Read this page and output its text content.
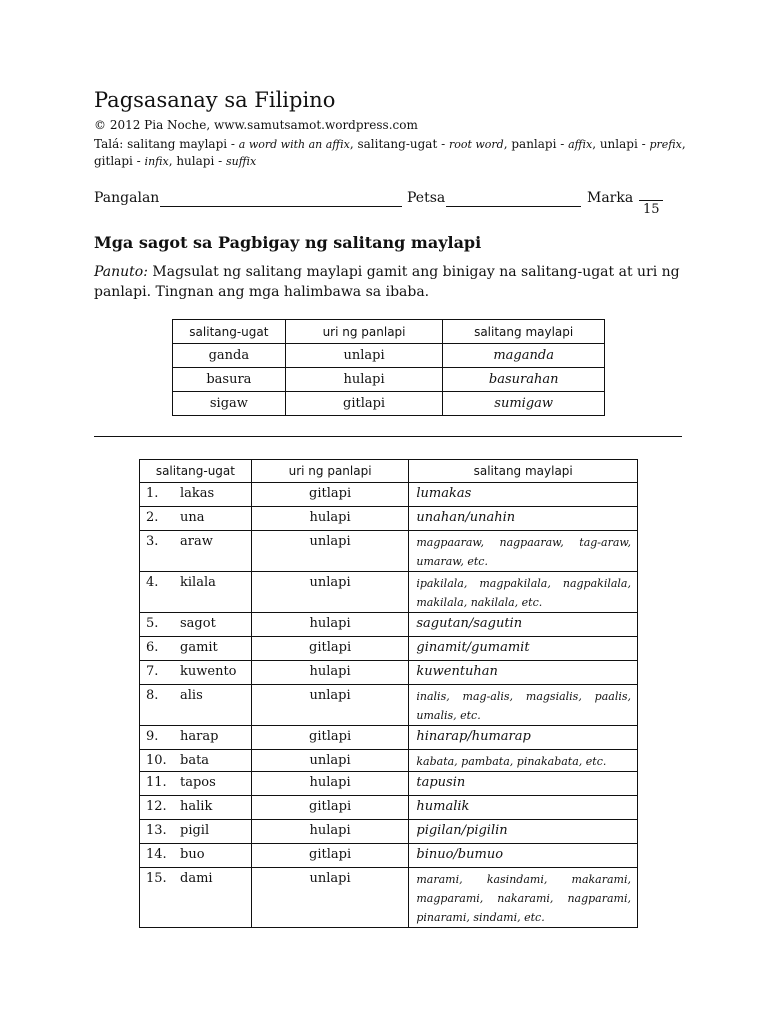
Pagsasanay sa Filipino
© 2012 Pia Noche, www.samutsamot.wordpress.com
Talá: salitang maylapi - a word with an affix, salitang-ugat - root word, panlapi - affix, unlapi - prefix, gitlapi - infix, hulapi - suffix
Pangalan	Petsa	Marka
15
Mga sagot sa Pagbigay ng salitang maylapi
Panuto: Magsulat ng salitang maylapi gamit ang binigay na salitang-ugat at uri ng panlapi. Tingnan ang mga halimbawa sa ibaba.
salitang-ugat	uri ng panlapi	salitang maylapi
ganda	unlapi	maganda
basura	hulapi	basurahan
sigaw	gitlapi	sumigaw
salitang-ugat	uri ng panlapi	salitang maylapi
1. lakas	gitlapi	lumakas
2. una	hulapi	unahan/unahin
3. araw	unlapi	magpaaraw, nagpaaraw, tag-araw, umaraw, etc.
4. kilala	unlapi	ipakilala, magpakilala, nagpakilala, makilala, nakilala, etc.
5. sagot	hulapi	sagutan/sagutin
6. gamit	gitlapi	ginamit/gumamit
7. kuwento	hulapi	kuwentuhan
8. alis	unlapi	inalis, mag-alis, magsialis, paalis, umalis, etc.
9. harap	gitlapi	hinarap/humarap
10. bata	unlapi	kabata, pambata, pinakabata, etc.
11. tapos	hulapi	tapusin
12. halik	gitlapi	humalik
13. pigil	hulapi	pigilan/pigilin
14. buo	gitlapi	binuo/bumuo
15. dami	unlapi	marami, kasindami, makarami, magparami, nakarami, nagparami, pinarami, sindami, etc.
